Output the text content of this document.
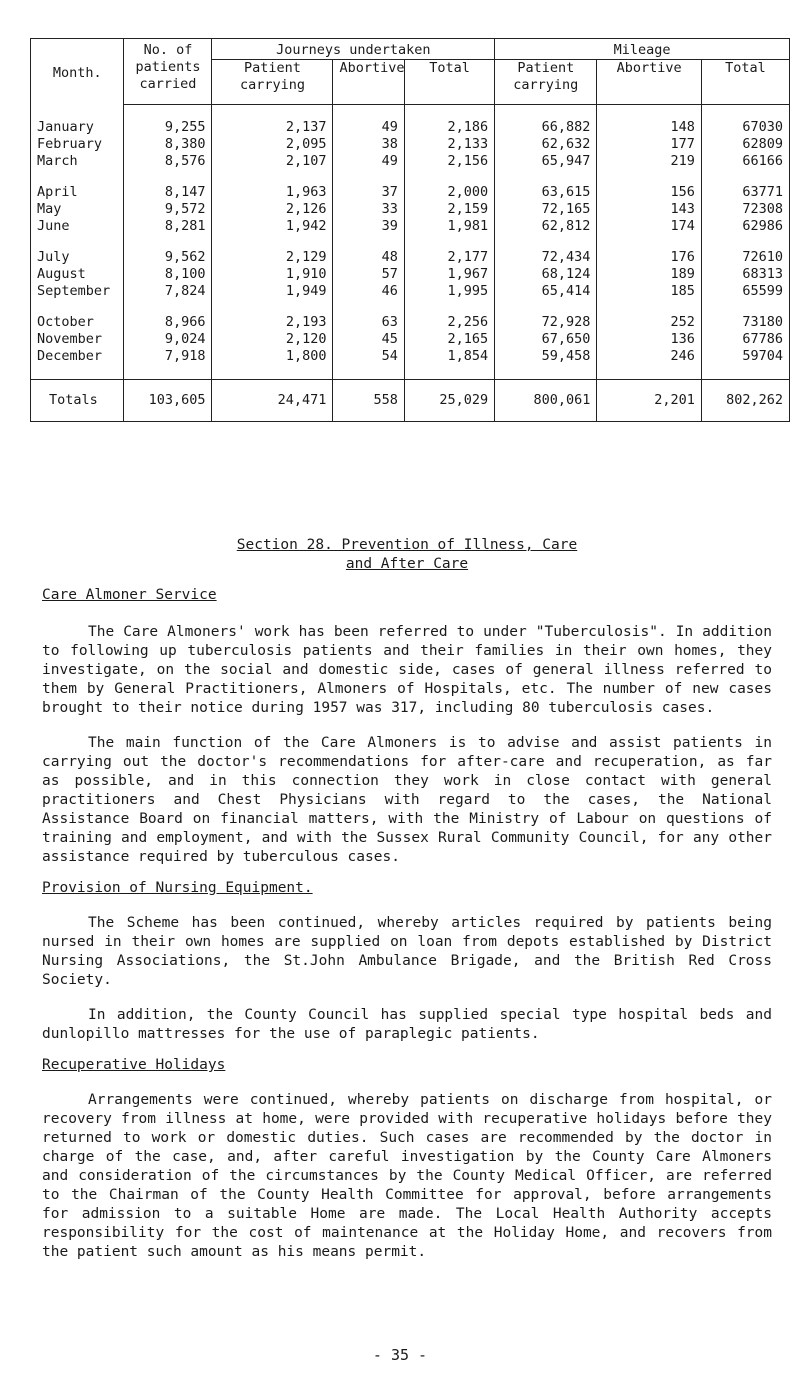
Month.	No. of patients carried	Journeys undertaken			Mileage		
		Patient carrying	Abortive	Total	Patient carrying	Abortive	Total
January	9,255	2,137	49	2,186	66,882	148	67030
February	8,380	2,095	38	2,133	62,632	177	62809
March	8,576	2,107	49	2,156	65,947	219	66166
April	8,147	1,963	37	2,000	63,615	156	63771
May	9,572	2,126	33	2,159	72,165	143	72308
June	8,281	1,942	39	1,981	62,812	174	62986
July	9,562	2,129	48	2,177	72,434	176	72610
August	8,100	1,910	57	1,967	68,124	189	68313
September	7,824	1,949	46	1,995	65,414	185	65599
October	8,966	2,193	63	2,256	72,928	252	73180
November	9,024	2,120	45	2,165	67,650	136	67786
December	7,918	1,800	54	1,854	59,458	246	59704
Totals	103,605	24,471	558	25,029	800,061	2,201	802,262
Section 28. Prevention of Illness, Care
and After Care
Care Almoner Service

The Care Almoners' work has been referred to under "Tuberculosis". In addition to following up tuberculosis patients and their families in their own homes, they investigate, on the social and domestic side, cases of general illness referred to them by General Practitioners, Almoners of Hospitals, etc. The number of new cases brought to their notice during 1957 was 317, including 80 tuberculosis cases.

The main function of the Care Almoners is to advise and assist patients in carrying out the doctor's recommendations for after-care and recuperation, as far as possible, and in this connection they work in close contact with general practitioners and Chest Physicians with regard to the cases, the National Assistance Board on financial matters, with the Ministry of Labour on questions of training and employment, and with the Sussex Rural Community Council, for any other assistance required by tuberculous cases.

Provision of Nursing Equipment.

The Scheme has been continued, whereby articles required by patients being nursed in their own homes are supplied on loan from depots established by District Nursing Associations, the St.John Ambulance Brigade, and the British Red Cross Society.

In addition, the County Council has supplied special type hospital beds and dunlopillo mattresses for the use of paraplegic patients.

Recuperative Holidays

Arrangements were continued, whereby patients on discharge from hospital, or recovery from illness at home, were provided with recuperative holidays before they returned to work or domestic duties. Such cases are recommended by the doctor in charge of the case, and, after careful investigation by the County Care Almoners and consideration of the circumstances by the County Medical Officer, are referred to the Chairman of the County Health Committee for approval, before arrangements for admission to a suitable Home are made. The Local Health Authority accepts responsibility for the cost of maintenance at the Holiday Home, and recovers from the patient such amount as his means permit.

- 35 -
